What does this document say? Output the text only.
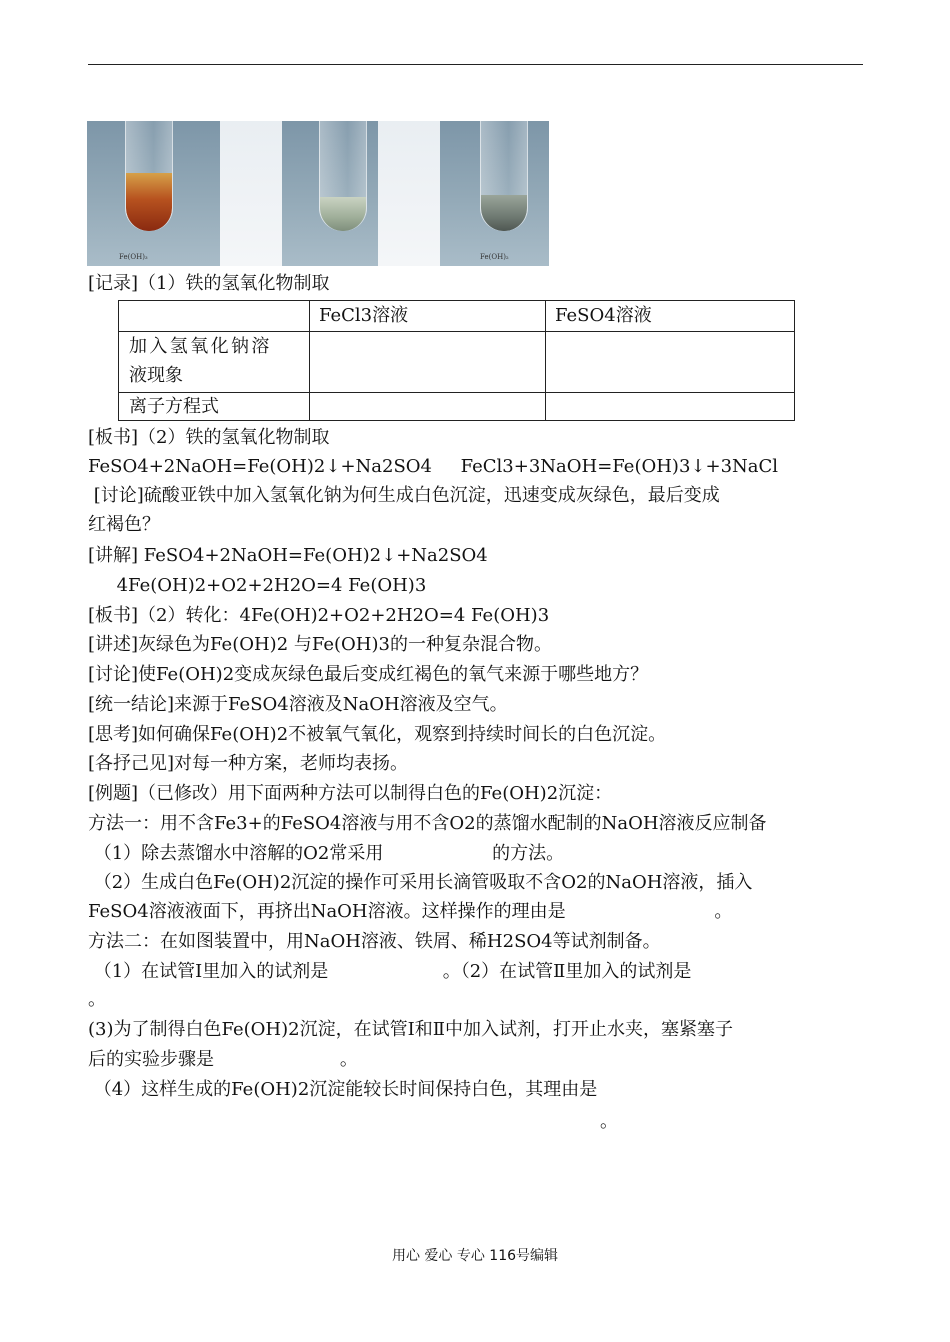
Fe(OH)₃	Fe(OH)₂
[记录]（1）铁的氢氧化物制取
FeCl3溶液	FeSO4溶液
加入氢氧化钠溶
液现象
离子方程式
[板书]（2）铁的氢氧化物制取
FeSO4+2NaOH=Fe(OH)2↓+Na2SO4     FeCl3+3NaOH=Fe(OH)3↓+3NaCl
[讨论]硫酸亚铁中加入氢氧化钠为何生成白色沉淀，迅速变成灰绿色，最后变成
红褐色？
[讲解] FeSO4+2NaOH=Fe(OH)2↓+Na2SO4
4Fe(OH)2+O2+2H2O=4 Fe(OH)3
[板书]（2）转化：4Fe(OH)2+O2+2H2O=4 Fe(OH)3
[讲述]灰绿色为Fe(OH)2 与Fe(OH)3的一种复杂混合物。
[讨论]使Fe(OH)2变成灰绿色最后变成红褐色的氧气来源于哪些地方？
[统一结论]来源于FeSO4溶液及NaOH溶液及空气。
[思考]如何确保Fe(OH)2不被氧气氧化，观察到持续时间长的白色沉淀。
[各抒己见]对每一种方案，老师均表扬。
[例题]（已修改）用下面两种方法可以制得白色的Fe(OH)2沉淀：
方法一：用不含Fe3+的FeSO4溶液与用不含O2的蒸馏水配制的NaOH溶液反应制备
（1）除去蒸馏水中溶解的O2常采用                   的方法。
（2）生成白色Fe(OH)2沉淀的操作可采用长滴管吸取不含O2的NaOH溶液，插入
FeSO4溶液液面下，再挤出NaOH溶液。这样操作的理由是                          。
方法二：在如图装置中，用NaOH溶液、铁屑、稀H2SO4等试剂制备。
（1）在试管Ⅰ里加入的试剂是                    。（2）在试管Ⅱ里加入的试剂是
。
(3)为了制得白色Fe(OH)2沉淀，在试管Ⅰ和Ⅱ中加入试剂，打开止水夹，塞紧塞子
后的实验步骤是                      。
（4）这样生成的Fe(OH)2沉淀能较长时间保持白色，其理由是
。
用心 爱心 专心 116号编辑
